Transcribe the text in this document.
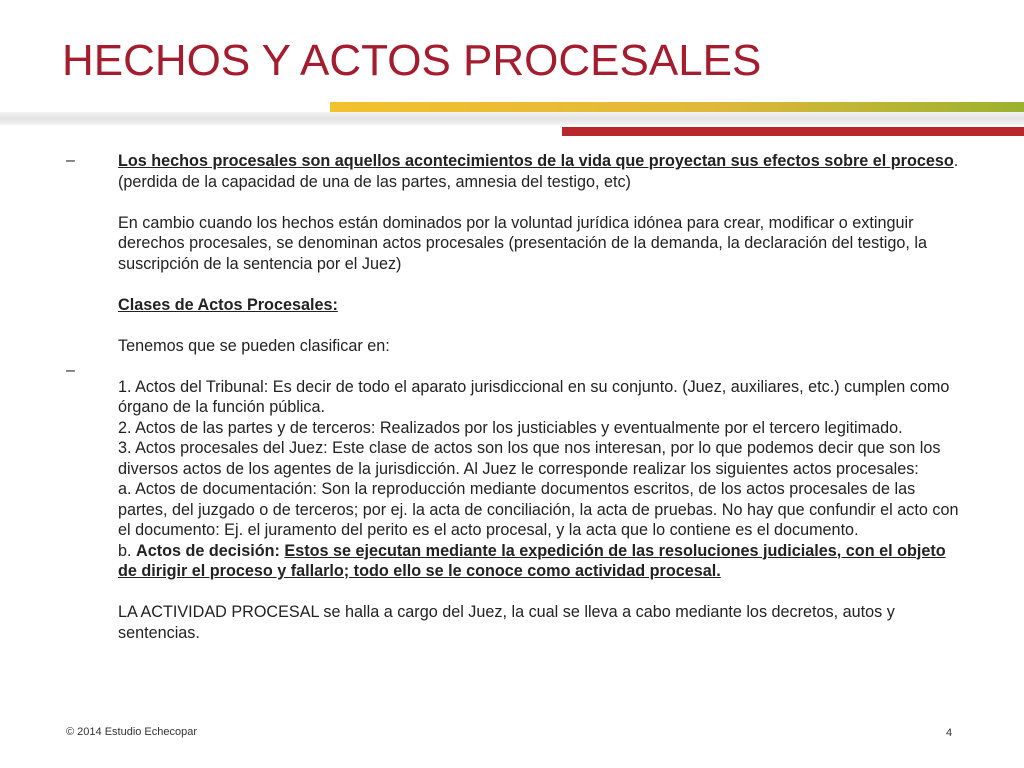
HECHOS Y ACTOS PROCESALES
–
–

Los hechos procesales son aquellos acontecimientos de la vida que proyectan sus efectos sobre el proceso. (perdida de la capacidad de una de las partes, amnesia del testigo, etc)

En cambio cuando los hechos están dominados por la voluntad jurídica idónea para crear, modificar o extinguir derechos procesales, se denominan actos procesales (presentación de la demanda, la declaración del testigo, la suscripción de la sentencia por el Juez)

Clases de Actos Procesales:

Tenemos que se pueden clasificar en:

1. Actos del Tribunal: Es decir de todo el aparato jurisdiccional en su conjunto. (Juez, auxiliares, etc.) cumplen como órgano de la función pública.

2. Actos de las partes y de terceros: Realizados por los justiciables y eventualmente por el tercero legitimado.

3. Actos procesales del Juez: Este clase de actos son los que nos interesan, por lo que podemos decir que son los diversos actos de los agentes de la jurisdicción. Al Juez le corresponde realizar los siguientes actos procesales:

a. Actos de documentación: Son la reproducción mediante documentos escritos, de los actos procesales de las partes, del juzgado o de terceros; por ej. la acta de conciliación, la acta de pruebas. No hay que confundir el acto con el documento: Ej. el juramento del perito es el acto procesal, y la acta que lo contiene es el documento.

b. Actos de decisión: Estos se ejecutan mediante la expedición de las resoluciones judiciales, con el objeto de dirigir el proceso y fallarlo; todo ello se le conoce como actividad procesal.

LA ACTIVIDAD PROCESAL se halla a cargo del Juez, la cual se lleva a cabo mediante los decretos, autos y sentencias.

© 2014 Estudio Echecopar	4
